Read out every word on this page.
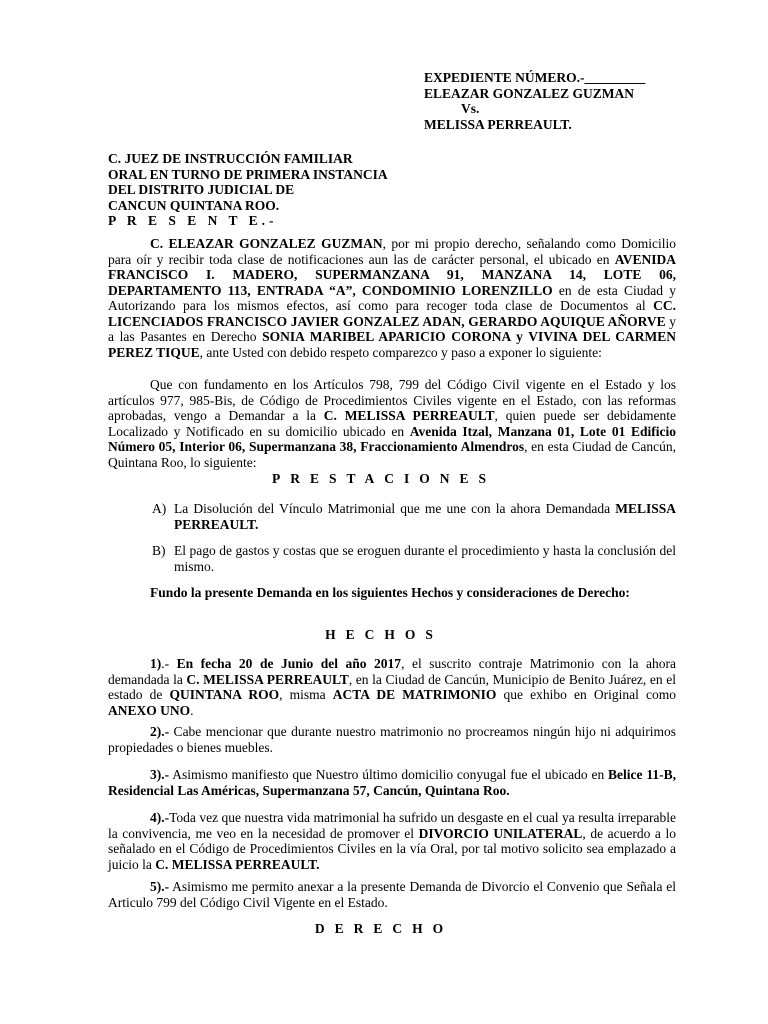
EXPEDIENTE NÚMERO.-_________
ELEAZAR GONZALEZ GUZMAN
Vs.
MELISSA PERREAULT.
C. JUEZ DE INSTRUCCIÓN FAMILIAR
ORAL EN TURNO DE PRIMERA INSTANCIA
DEL DISTRITO JUDICIAL DE
CANCUN QUINTANA ROO.
P R E S E N T E.-

C. ELEAZAR GONZALEZ GUZMAN, por mi propio derecho, señalando como Domicilio para oír y recibir toda clase de notificaciones aun las de carácter personal, el ubicado en AVENIDA FRANCISCO I. MADERO, SUPERMANZANA 91, MANZANA 14, LOTE 06, DEPARTAMENTO 113, ENTRADA “A”, CONDOMINIO LORENZILLO en de esta Ciudad y Autorizando para los mismos efectos, así como para recoger toda clase de Documentos al CC. LICENCIADOS FRANCISCO JAVIER GONZALEZ ADAN, GERARDO AQUIQUE AÑORVE y a las Pasantes en Derecho SONIA MARIBEL APARICIO CORONA y VIVINA DEL CARMEN PEREZ TIQUE, ante Usted con debido respeto comparezco y paso a exponer lo siguiente:

Que con fundamento en los Artículos 798, 799 del Código Civil vigente en el Estado y los artículos 977, 985-Bis, de Código de Procedimientos Civiles vigente en el Estado, con las reformas aprobadas, vengo a Demandar a la C. MELISSA PERREAULT, quien puede ser debidamente Localizado y Notificado en su domicilio ubicado en Avenida Itzal, Manzana 01, Lote 01 Edificio Número 05, Interior 06, Supermanzana 38, Fraccionamiento Almendros, en esta Ciudad de Cancún, Quintana Roo, lo siguiente:

PRESTACIONES
A) La Disolución del Vínculo Matrimonial que me une con la ahora Demandada MELISSA PERREAULT.
B) El pago de gastos y costas que se eroguen durante el procedimiento y hasta la conclusión del mismo.

Fundo la presente Demanda en los siguientes Hechos y consideraciones de Derecho:

HECHOS

1).- En fecha 20 de Junio del año 2017, el suscrito contraje Matrimonio con la ahora demandada la C. MELISSA PERREAULT, en la Ciudad de Cancún, Municipio de Benito Juárez, en el estado de QUINTANA ROO, misma ACTA DE MATRIMONIO que exhibo en Original como ANEXO UNO.

2).- Cabe mencionar que durante nuestro matrimonio no procreamos ningún hijo ni adquirimos propiedades o bienes muebles.

3).- Asimismo manifiesto que Nuestro último domicilio conyugal fue el ubicado en Belice 11-B, Residencial Las Américas, Supermanzana 57, Cancún, Quintana Roo.

4).-Toda vez que nuestra vida matrimonial ha sufrido un desgaste en el cual ya resulta irreparable la convivencia, me veo en la necesidad de promover el DIVORCIO UNILATERAL, de acuerdo a lo señalado en el Código de Procedimientos Civiles en la vía Oral, por tal motivo solicito sea emplazado a juicio la C. MELISSA PERREAULT.

5).- Asimismo me permito anexar a la presente Demanda de Divorcio el Convenio que Señala el Articulo 799 del Código Civil Vigente en el Estado.

DERECHO
